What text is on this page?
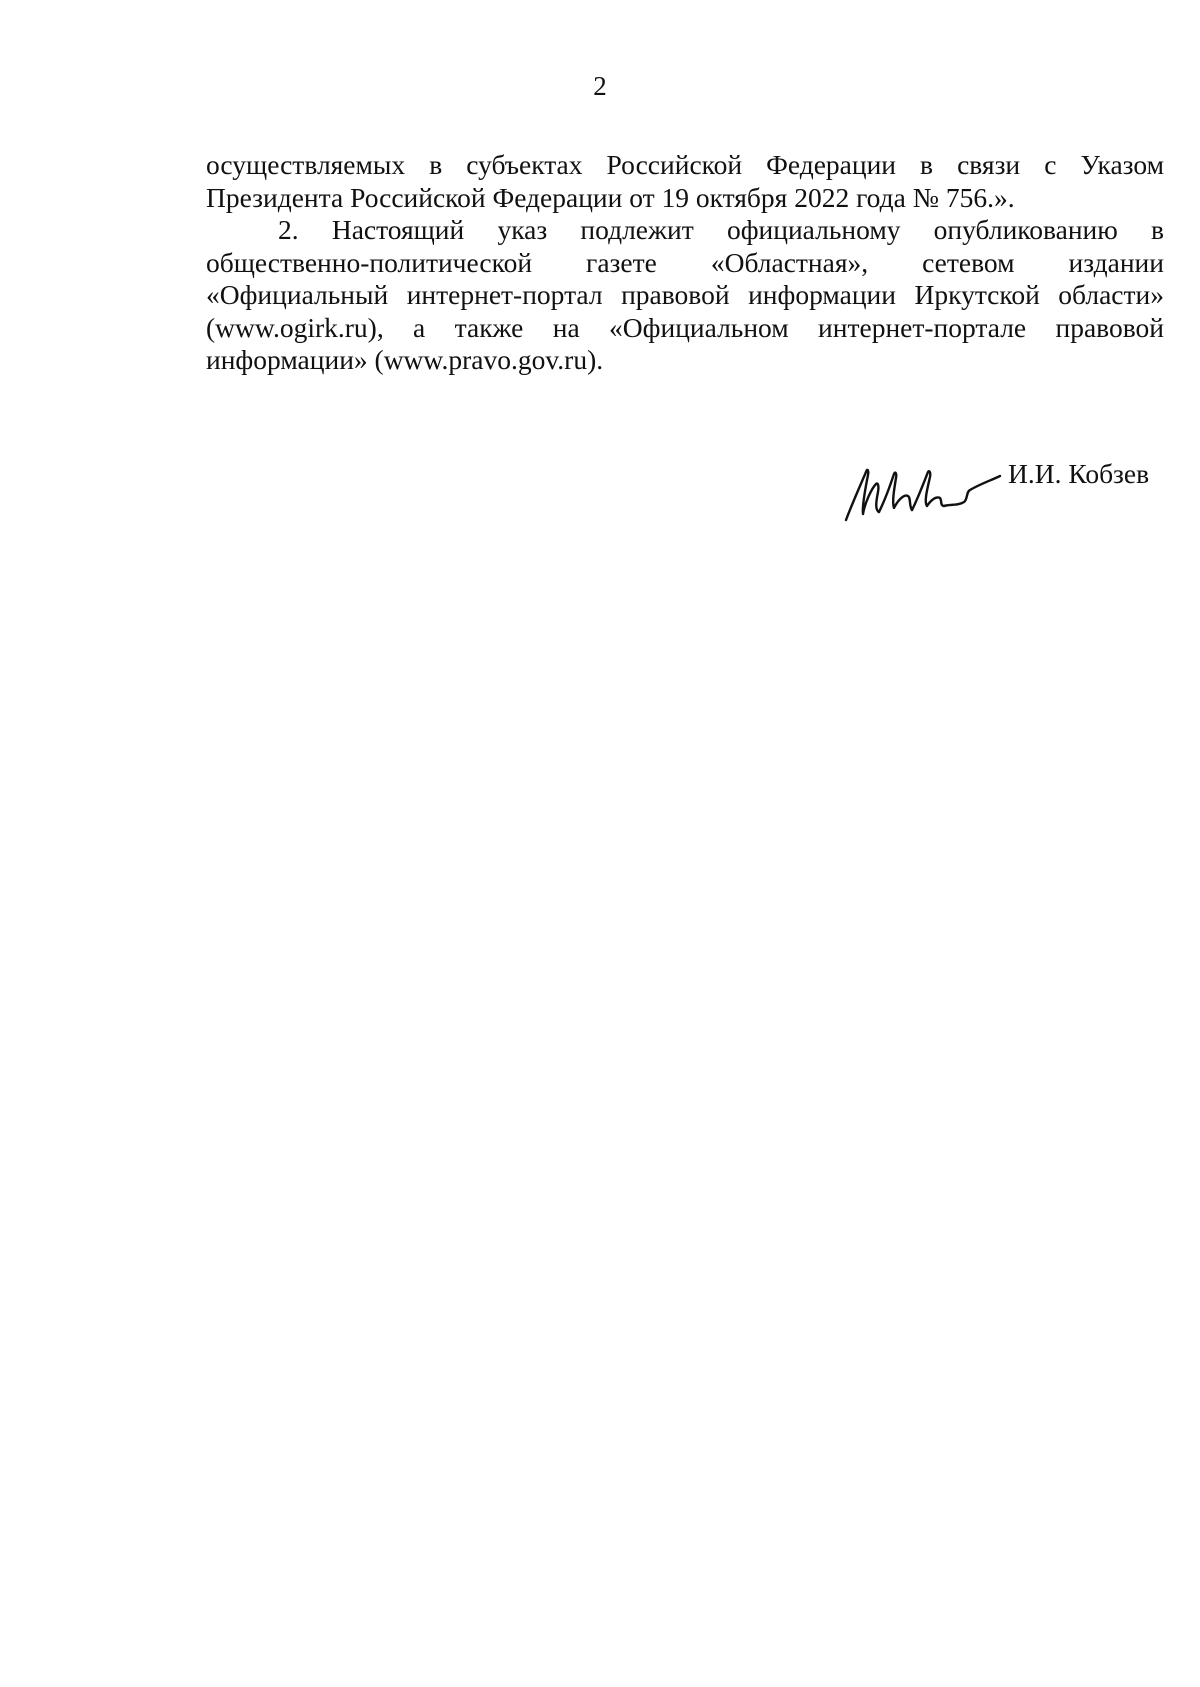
2

осуществляемых в субъектах Российской Федерации в связи с Указом
Президента Российской Федерации от 19 октября 2022 года № 756.».
2. Настоящий указ подлежит официальному опубликованию в
общественно-политической газете «Областная», сетевом издании
«Официальный интернет-портал правовой информации Иркутской области»
(www.ogirk.ru), а также на «Официальном интернет-портале правовой
информации» (www.pravo.gov.ru).

И.И. Кобзев
